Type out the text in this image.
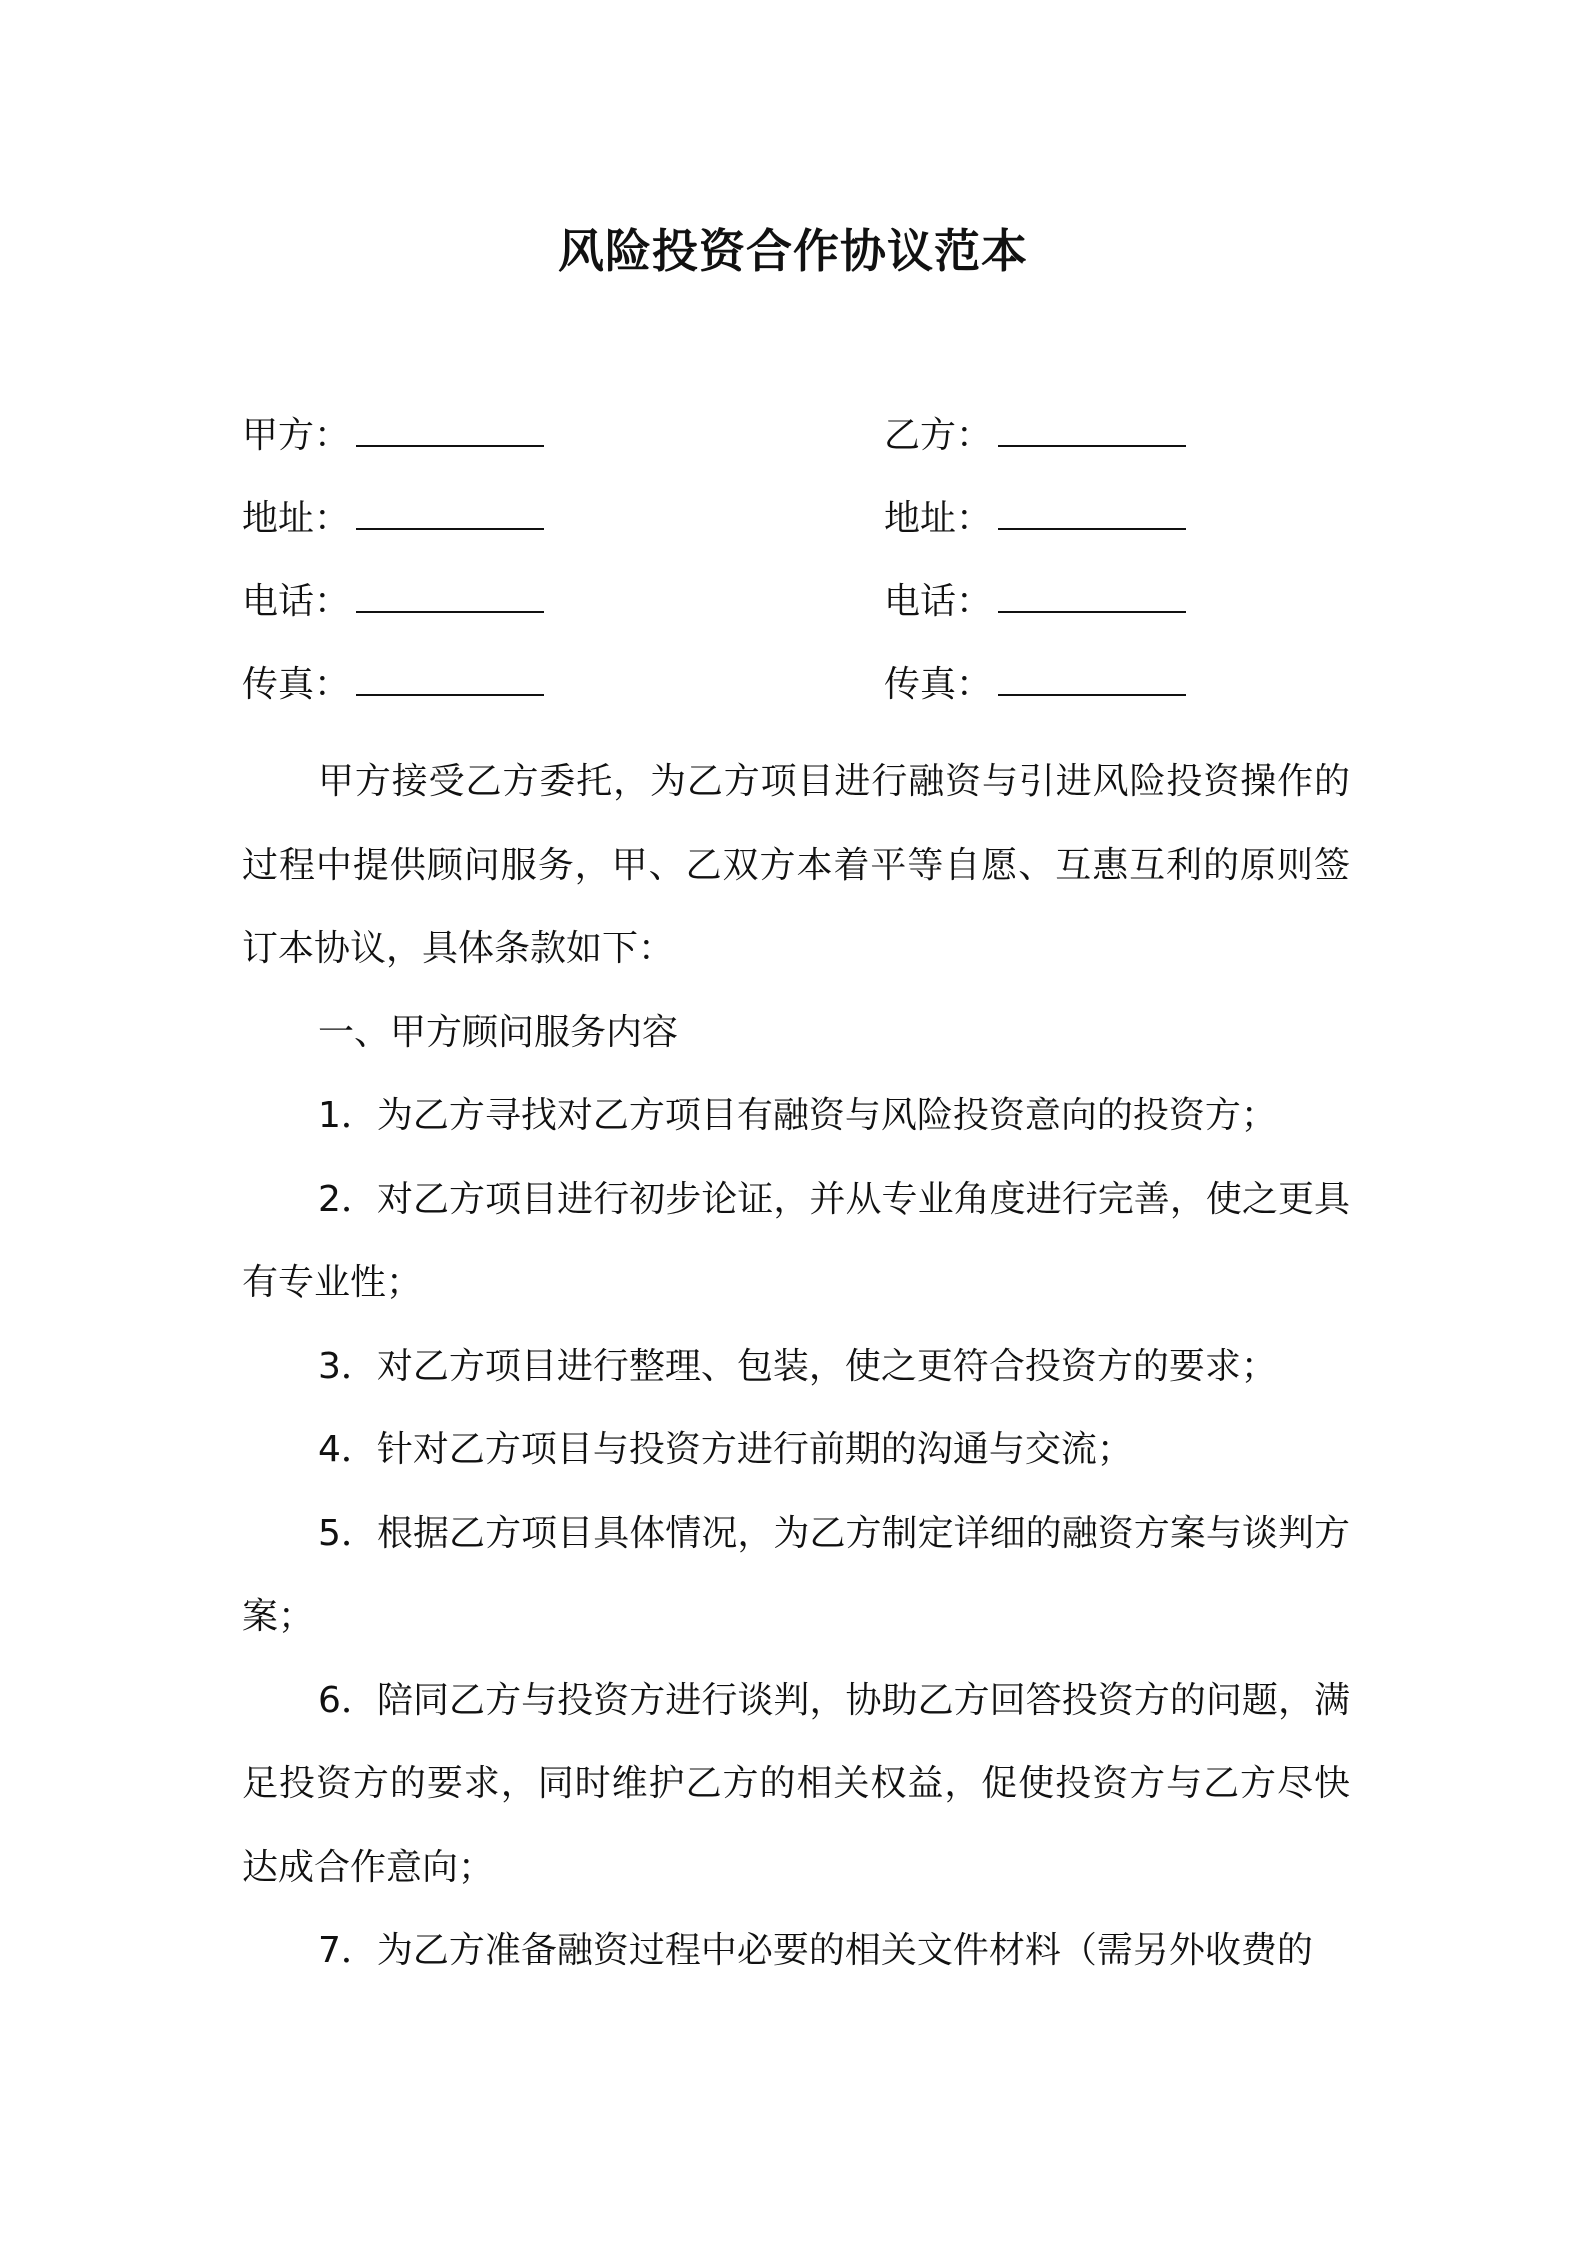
风险投资合作协议范本
甲方：
地址：
电话：
传真：
乙方：
地址：
电话：
传真：

甲方接受乙方委托，为乙方项目进行融资与引进风险投资操作的过程中提供顾问服务，甲、乙双方本着平等自愿、互惠互利的原则签订本协议，具体条款如下：

一、甲方顾问服务内容

1．为乙方寻找对乙方项目有融资与风险投资意向的投资方；

2．对乙方项目进行初步论证，并从专业角度进行完善，使之更具有专业性；

3．对乙方项目进行整理、包装，使之更符合投资方的要求；

4．针对乙方项目与投资方进行前期的沟通与交流；

5．根据乙方项目具体情况，为乙方制定详细的融资方案与谈判方案；

6．陪同乙方与投资方进行谈判，协助乙方回答投资方的问题，满足投资方的要求，同时维护乙方的相关权益，促使投资方与乙方尽快达成合作意向；

7．为乙方准备融资过程中必要的相关文件材料（需另外收费的
